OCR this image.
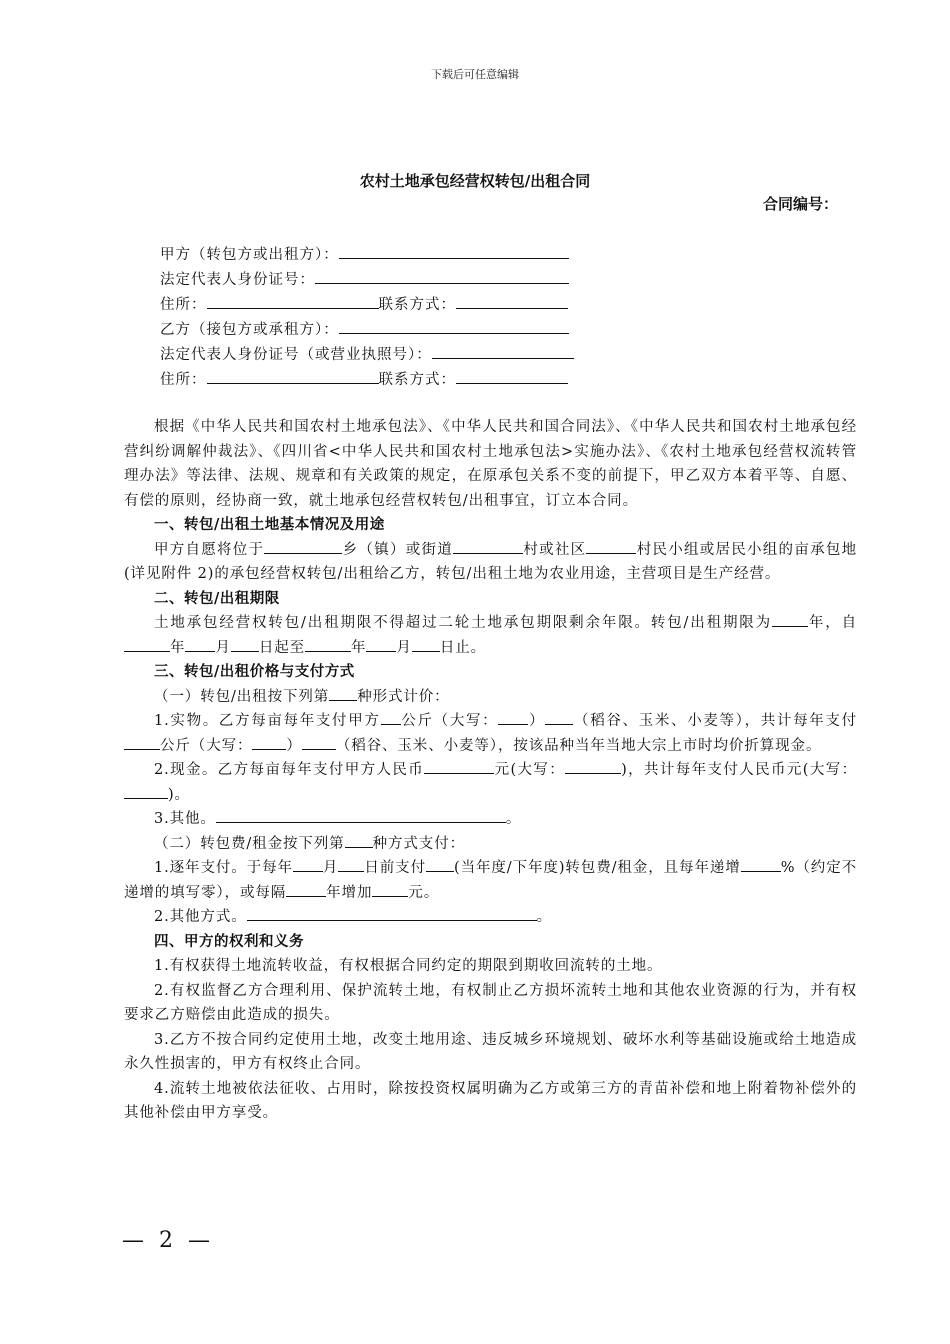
下载后可任意编辑
农村土地承包经营权转包/出租合同
合同编号：
甲方（转包方或出租方）：
法定代表人身份证号：
住所：	联系方式：
乙方（接包方或承租方）：
法定代表人身份证号（或营业执照号）：
住所：	联系方式：

根据《中华人民共和国农村土地承包法》、《中华人民共和国合同法》、《中华人民共和国农村土地承包经营纠纷调解仲裁法》、《四川省<中华人民共和国农村土地承包法>实施办法》、《农村土地承包经营权流转管理办法》等法律、法规、规章和有关政策的规定，在原承包关系不变的前提下，甲乙双方本着平等、自愿、有偿的原则，经协商一致，就土地承包经营权转包/出租事宜，订立本合同。

一、转包/出租土地基本情况及用途

甲方自愿将位于	乡（镇）或街道	村或社区	村民小组或居民小组的亩承包地(详见附件 2)的承包经营权转包/出租给乙方，转包/出租土地为农业用途，主营项目是生产经营。

二、转包/出租期限

土地承包经营权转包/出租期限不得超过二轮土地承包期限剩余年限。转包/出租期限为 年，自年 月 日起至	年 月 日止。

三、转包/出租价格与支付方式

（一）转包/出租按下列第 种形式计价：

1.实物。乙方每亩每年支付甲方 公斤（大写： ） （稻谷、玉米、小麦等），共计每年支付公斤（大写： ） （稻谷、玉米、小麦等），按该品种当年当地大宗上市时均价折算现金。

2.现金。乙方每亩每年支付甲方人民币	元(大写：	)，共计每年支付人民币元(大写：)。

3.其他。	。

（二）转包费/租金按下列第 种方式支付：

1.逐年支付。于每年 月 日前支付 (当年度/下年度)转包费/租金，且每年递增	%（约定不递增的填写零），或每隔	年增加 元。

2.其他方式。	。

四、甲方的权利和义务

1.有权获得土地流转收益，有权根据合同约定的期限到期收回流转的土地。

2.有权监督乙方合理利用、保护流转土地，有权制止乙方损坏流转土地和其他农业资源的行为，并有权要求乙方赔偿由此造成的损失。

3.乙方不按合同约定使用土地，改变土地用途、违反城乡环境规划、破坏水利等基础设施或给土地造成永久性损害的，甲方有权终止合同。

4.流转土地被依法征收、占用时，除按投资权属明确为乙方或第三方的青苗补偿和地上附着物补偿外的其他补偿由甲方享受。

— 2 —
